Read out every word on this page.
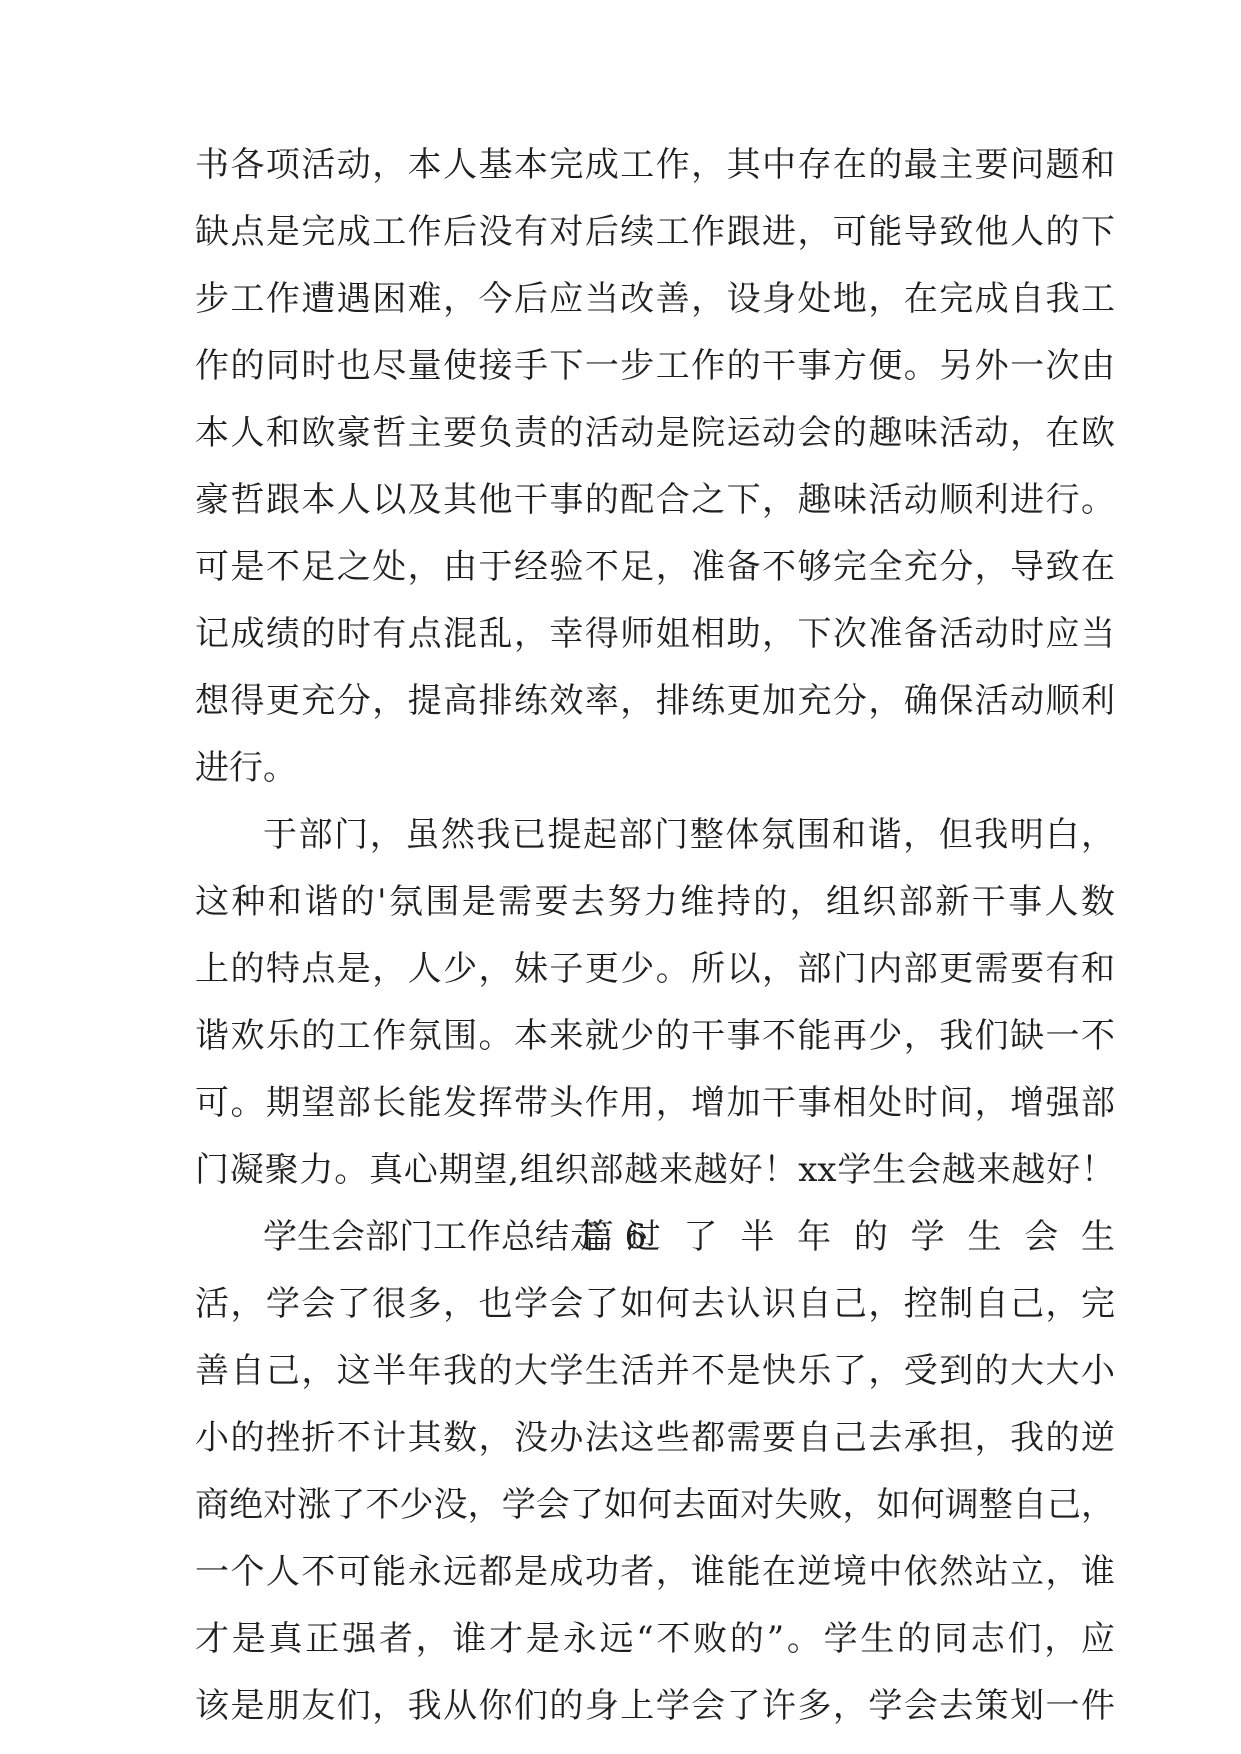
书各项活动，本人基本完成工作，其中存在的最主要问题和
缺点是完成工作后没有对后续工作跟进，可能导致他人的下
步工作遭遇困难，今后应当改善，设身处地，在完成自我工
作的同时也尽量使接手下一步工作的干事方便。另外一次由
本人和欧豪哲主要负责的活动是院运动会的趣味活动，在欧
豪哲跟本人以及其他干事的配合之下，趣味活动顺利进行。
可是不足之处，由于经验不足，准备不够完全充分，导致在
记成绩的时有点混乱，幸得师姐相助，下次准备活动时应当
想得更充分，提高排练效率，排练更加充分，确保活动顺利
进行。
于部门，虽然我已提起部门整体氛围和谐，但我明白，
这种和谐的'氛围是需要去努力维持的，组织部新干事人数
上的特点是，人少，妹子更少。所以，部门内部更需要有和
谐欢乐的工作氛围。本来就少的干事不能再少，我们缺一不
可。期望部长能发挥带头作用，增加干事相处时间，增强部
门凝聚力。真心期望,组织部越来越好！xx学生会越来越好！
学生会部门工作总结 篇 6
走过了半年的学生会生
活，学会了很多，也学会了如何去认识自己，控制自己，完
善自己，这半年我的大学生活并不是快乐了，受到的大大小
小的挫折不计其数，没办法这些都需要自己去承担，我的逆
商绝对涨了不少没，学会了如何去面对失败，如何调整自己，
一个人不可能永远都是成功者，谁能在逆境中依然站立，谁
才是真正强者，谁才是永远“不败的”。学生的同志们，应
该是朋友们，我从你们的身上学会了许多，学会去策划一件
